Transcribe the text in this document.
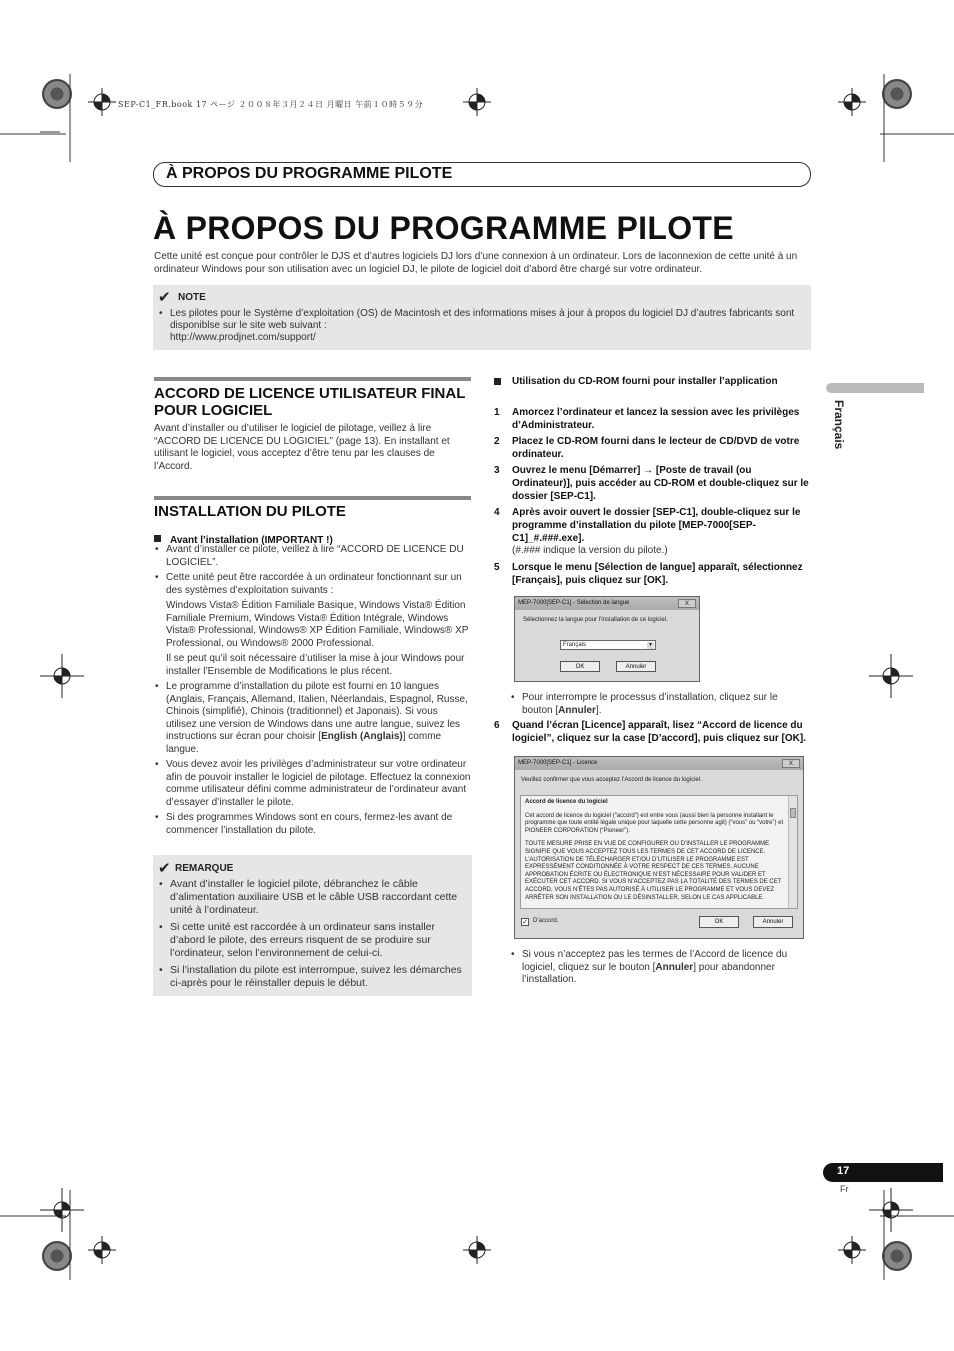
SEP-C1_FR.book 17 ページ ２００８年３月２４日 月曜日 午前１０時５９分
À PROPOS DU PROGRAMME PILOTE
À PROPOS DU PROGRAMME PILOTE
Cette unité est conçue pour contrôler le DJS et d’autres logiciels DJ lors d’une connexion à un ordinateur. Lors de laconnexion de cette unité à un ordinateur Windows pour son utilisation avec un logiciel DJ, le pilote de logiciel doit d’abord être chargé sur votre ordinateur.
✔ NOTE
• Les pilotes pour le Système d’exploitation (OS) de Macintosh et des informations mises à jour à propos du logiciel DJ d’autres fabricants sont disponiblse sur le site web suivant :
http://www.prodjnet.com/support/
Français
ACCORD DE LICENCE UTILISATEUR FINAL POUR LOGICIEL
Avant d’installer ou d’utiliser le logiciel de pilotage, veillez à lire “ACCORD DE LICENCE DU LOGICIEL” (page 13). En installant et utilisant le logiciel, vous acceptez d’être tenu par les clauses de l’Accord.
INSTALLATION DU PILOTE
Avant l’installation (IMPORTANT !)
• Avant d’installer ce pilote, veillez à lire “ACCORD DE LICENCE DU LOGICIEL”.
• Cette unité peut être raccordée à un ordinateur fonctionnant sur un des systèmes d’exploitation suivants :
Windows Vista® Édition Familiale Basique, Windows Vista® Édition Familiale Premium, Windows Vista® Édition Intégrale, Windows Vista® Professional, Windows® XP Édition Familiale, Windows® XP Professional, ou Windows® 2000 Professional.
Il se peut qu’il soit nécessaire d’utiliser la mise à jour Windows pour installer l’Ensemble de Modifications le plus récent.
• Le programme d’installation du pilote est fourni en 10 langues (Anglais, Français, Allemand, Italien, Néerlandais, Espagnol, Russe, Chinois (simplifié), Chinois (traditionnel) et Japonais). Si vous utilisez une version de Windows dans une autre langue, suivez les instructions sur écran pour choisir [English (Anglais)] comme langue.
• Vous devez avoir les privilèges d’administrateur sur votre ordinateur afin de pouvoir installer le logiciel de pilotage. Effectuez la connexion comme utilisateur défini comme administrateur de l’ordinateur avant d’essayer d’installer le pilote.
• Si des programmes Windows sont en cours, fermez-les avant de commencer l’installation du pilote.
✔ REMARQUE
• Avant d’installer le logiciel pilote, débranchez le câble d’alimentation auxiliaire USB et le câble USB raccordant cette unité à l’ordinateur.
• Si cette unité est raccordée à un ordinateur sans installer d’abord le pilote, des erreurs risquent de se produire sur l’ordinateur, selon l’environnement de celui-ci.
• Si l’installation du pilote est interrompue, suivez les démarches ci-après pour le réinstaller depuis le début.
Utilisation du CD-ROM fourni pour installer l’application
1 Amorcez l’ordinateur et lancez la session avec les privilèges d’Administrateur.
2 Placez le CD-ROM fourni dans le lecteur de CD/DVD de votre ordinateur.
3 Ouvrez le menu [Démarrer] → [Poste de travail (ou Ordinateur)], puis accéder au CD-ROM et double-cliquez sur le dossier [SEP-C1].
4 Après avoir ouvert le dossier [SEP-C1], double-cliquez sur le programme d’installation du pilote [MEP-7000[SEP-C1]_#.###.exe].
(#.### indique la version du pilote.)
5 Lorsque le menu [Sélection de langue] apparaît, sélectionnez [Français], puis cliquez sur [OK].
MEP-7000[SEP-C1] - Sélection de langue	X
Sélectionnez la langue pour l’installation de ce logiciel.
Français	▼
OK	Annuler
• Pour interrompre le processus d’installation, cliquez sur le bouton [Annuler].
6 Quand l’écran [Licence] apparaît, lisez “Accord de licence du logiciel”, cliquez sur la case [D’accord], puis cliquez sur [OK].
MEP-7000[SEP-C1] - Licence	X
Veuillez confirmer que vous acceptez l’Accord de licence du logiciel.
Accord de licence du logiciel
Cet accord de licence du logiciel (“accord”) est entre vous (aussi bien la personne installant le programme que toute entité légale unique pour laquelle cette personne agit) (“vous” ou “votre”) et PIONEER CORPORATION (“Pioneer”).
TOUTE MESURE PRISE EN VUE DE CONFIGURER OU D’INSTALLER LE PROGRAMME SIGNIFIE QUE VOUS ACCEPTEZ TOUS LES TERMES DE CET ACCORD DE LICENCE. L’AUTORISATION DE TÉLÉCHARGER ET/OU D’UTILISER LE PROGRAMME EST EXPRESSÉMENT CONDITIONNÉE À VOTRE RESPECT DE CES TERMES. AUCUNE APPROBATION ÉCRITE OU ÉLECTRONIQUE N’EST NÉCESSAIRE POUR VALIDER ET EXÉCUTER CET ACCORD. SI VOUS N’ACCEPTEZ PAS LA TOTALITÉ DES TERMES DE CET ACCORD, VOUS N’ÊTES PAS AUTORISÉ À UTILISER LE PROGRAMME ET VOUS DEVEZ ARRÊTER SON INSTALLATION OU LE DÉSINSTALLER, SELON LE CAS APPLICABLE.
✓ D’accord.	OK	Annuler
• Si vous n’acceptez pas les termes de l’Accord de licence du logiciel, cliquez sur le bouton [Annuler] pour abandonner l’installation.
17
Fr
